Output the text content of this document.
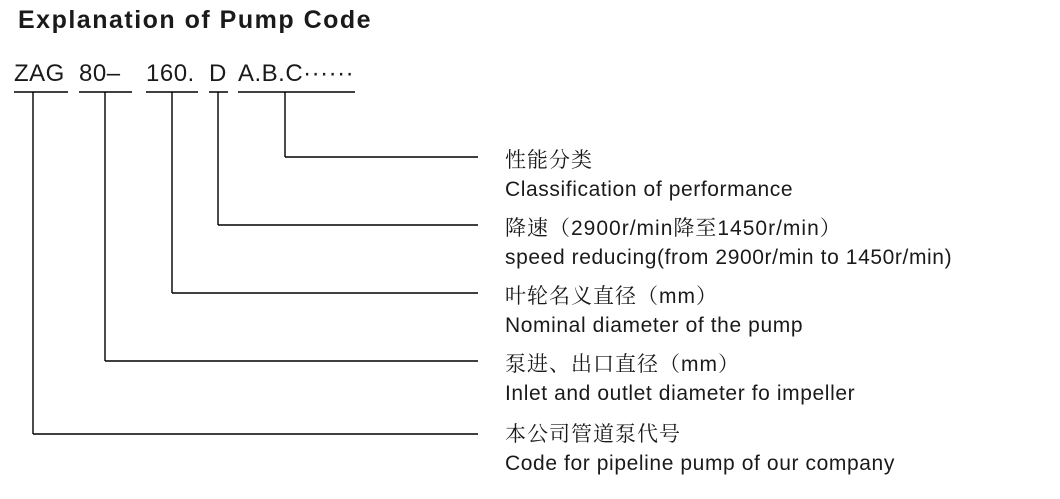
Explanation of Pump Code
ZAG 80– 160. D A.B.C······
性能分类
Classification of performance
降速（2900r/min降至1450r/min）
speed reducing(from 2900r/min to 1450r/min)
叶轮名义直径（mm）
Nominal diameter of the pump
泵进、出口直径（mm）
Inlet and outlet diameter fo impeller
本公司管道泵代号
Code for pipeline pump of our company
